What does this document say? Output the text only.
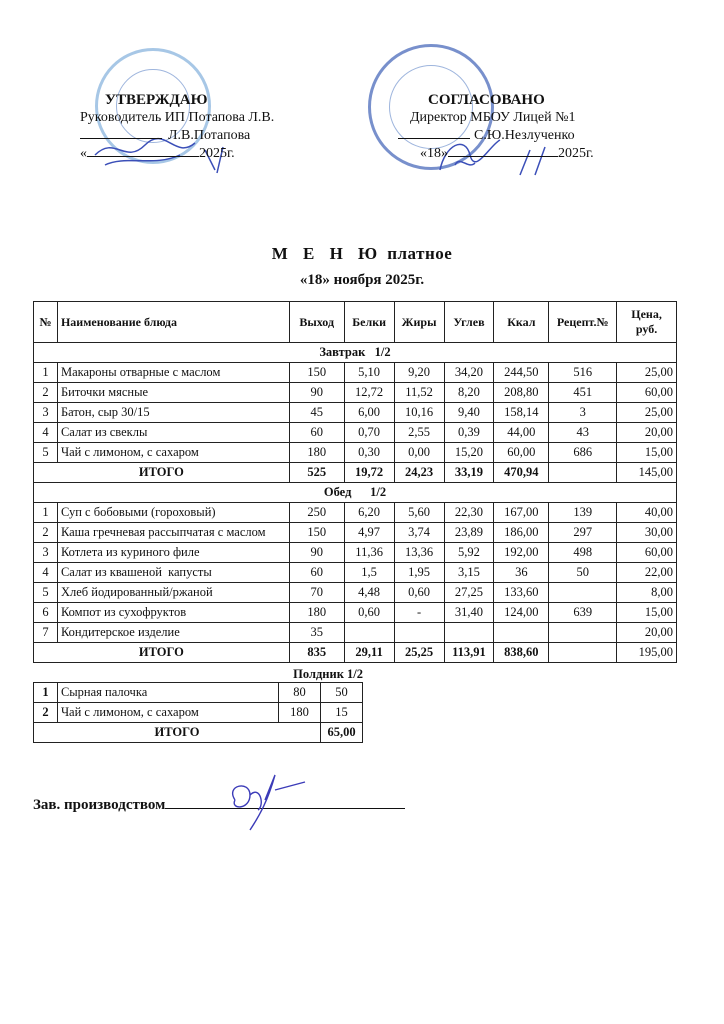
УТВЕРЖДАЮ
Руководитель ИП Потапова Л.В.
Л.В.Потапова
«	2025г.
СОГЛАСОВАНО
Директор МБОУ Лицей №1
С.Ю.Незлученко
«18»	2025г.
М Е Н Ю платное
«18» ноября 2025г.
№	Наименование блюда	Выход	Белки	Жиры	Углев	Ккал	Рецепт.№	Цена, руб.
Завтрак   1/2								
1	Макароны отварные с маслом	150	5,10	9,20	34,20	244,50	516	25,00
2	Биточки мясные	90	12,72	11,52	8,20	208,80	451	60,00
3	Батон, сыр 30/15	45	6,00	10,16	9,40	158,14	3	25,00
4	Салат из свеклы	60	0,70	2,55	0,39	44,00	43	20,00
5	Чай с лимоном, с сахаром	180	0,30	0,00	15,20	60,00	686	15,00
ИТОГО		525	19,72	24,23	33,19	470,94		145,00
Обед      1/2								
1	Суп с бобовыми (гороховый)	250	6,20	5,60	22,30	167,00	139	40,00
2	Каша гречневая рассыпчатая с маслом	150	4,97	3,74	23,89	186,00	297	30,00
3	Котлета из куриного филе	90	11,36	13,36	5,92	192,00	498	60,00
4	Салат из квашеной  капусты	60	1,5	1,95	3,15	36	50	22,00
5	Хлеб йодированный/ржаной	70	4,48	0,60	27,25	133,60		8,00
6	Компот из сухофруктов	180	0,60	-	31,40	124,00	639	15,00
7	Кондитерское изделие	35						20,00
ИТОГО		835	29,11	25,25	113,91	838,60		195,00
Полдник 1/2
1	Сырная палочка	80	50
2	Чай с лимоном, с сахаром	180	15
ИТОГО			65,00
Зав. производством
